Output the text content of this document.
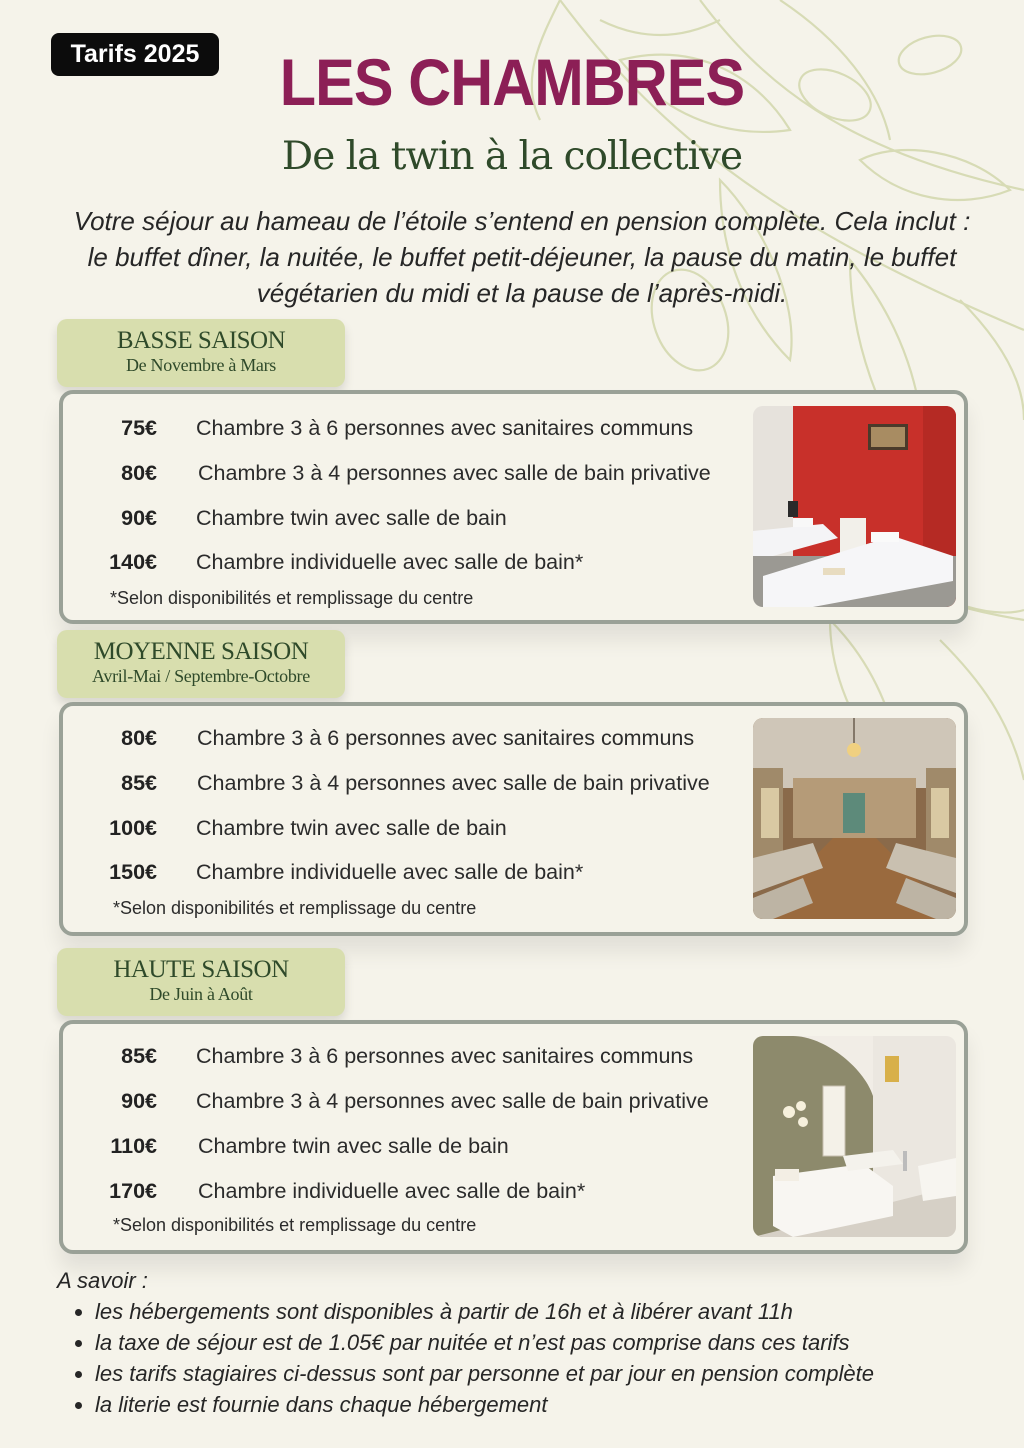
Tarifs 2025	LES CHAMBRES
De la twin à la collective
Votre séjour au hameau de l’étoile s’entend en pension complète. Cela inclut : le buffet dîner, la nuitée, le buffet petit-déjeuner, la pause du matin, le buffet végétarien du midi et la pause de l’après-midi.
BASSE SAISON
De Novembre à Mars
75€ Chambre 3 à 6 personnes avec sanitaires communs
80€ Chambre 3 à 4 personnes avec salle de bain privative
90€ Chambre twin avec salle de bain
140€ Chambre individuelle avec salle de bain*
*Selon disponibilités et remplissage du centre
MOYENNE SAISON
Avril-Mai / Septembre-Octobre
80€ Chambre 3 à 6 personnes avec sanitaires communs
85€ Chambre 3 à 4 personnes avec salle de bain privative
100€ Chambre twin avec salle de bain
150€ Chambre individuelle avec salle de bain*
*Selon disponibilités et remplissage du centre
HAUTE SAISON
De Juin à Août
85€ Chambre 3 à 6 personnes avec sanitaires communs
90€ Chambre 3 à 4 personnes avec salle de bain privative
110€ Chambre twin avec salle de bain
170€ Chambre individuelle avec salle de bain*
*Selon disponibilités et remplissage du centre
A savoir :
• les hébergements sont disponibles à partir de 16h et à libérer avant 11h
• la taxe de séjour est de 1.05€ par nuitée et n’est pas comprise dans ces tarifs
• les tarifs stagiaires ci-dessus sont par personne et par jour en pension complète
• la literie est fournie dans chaque hébergement
